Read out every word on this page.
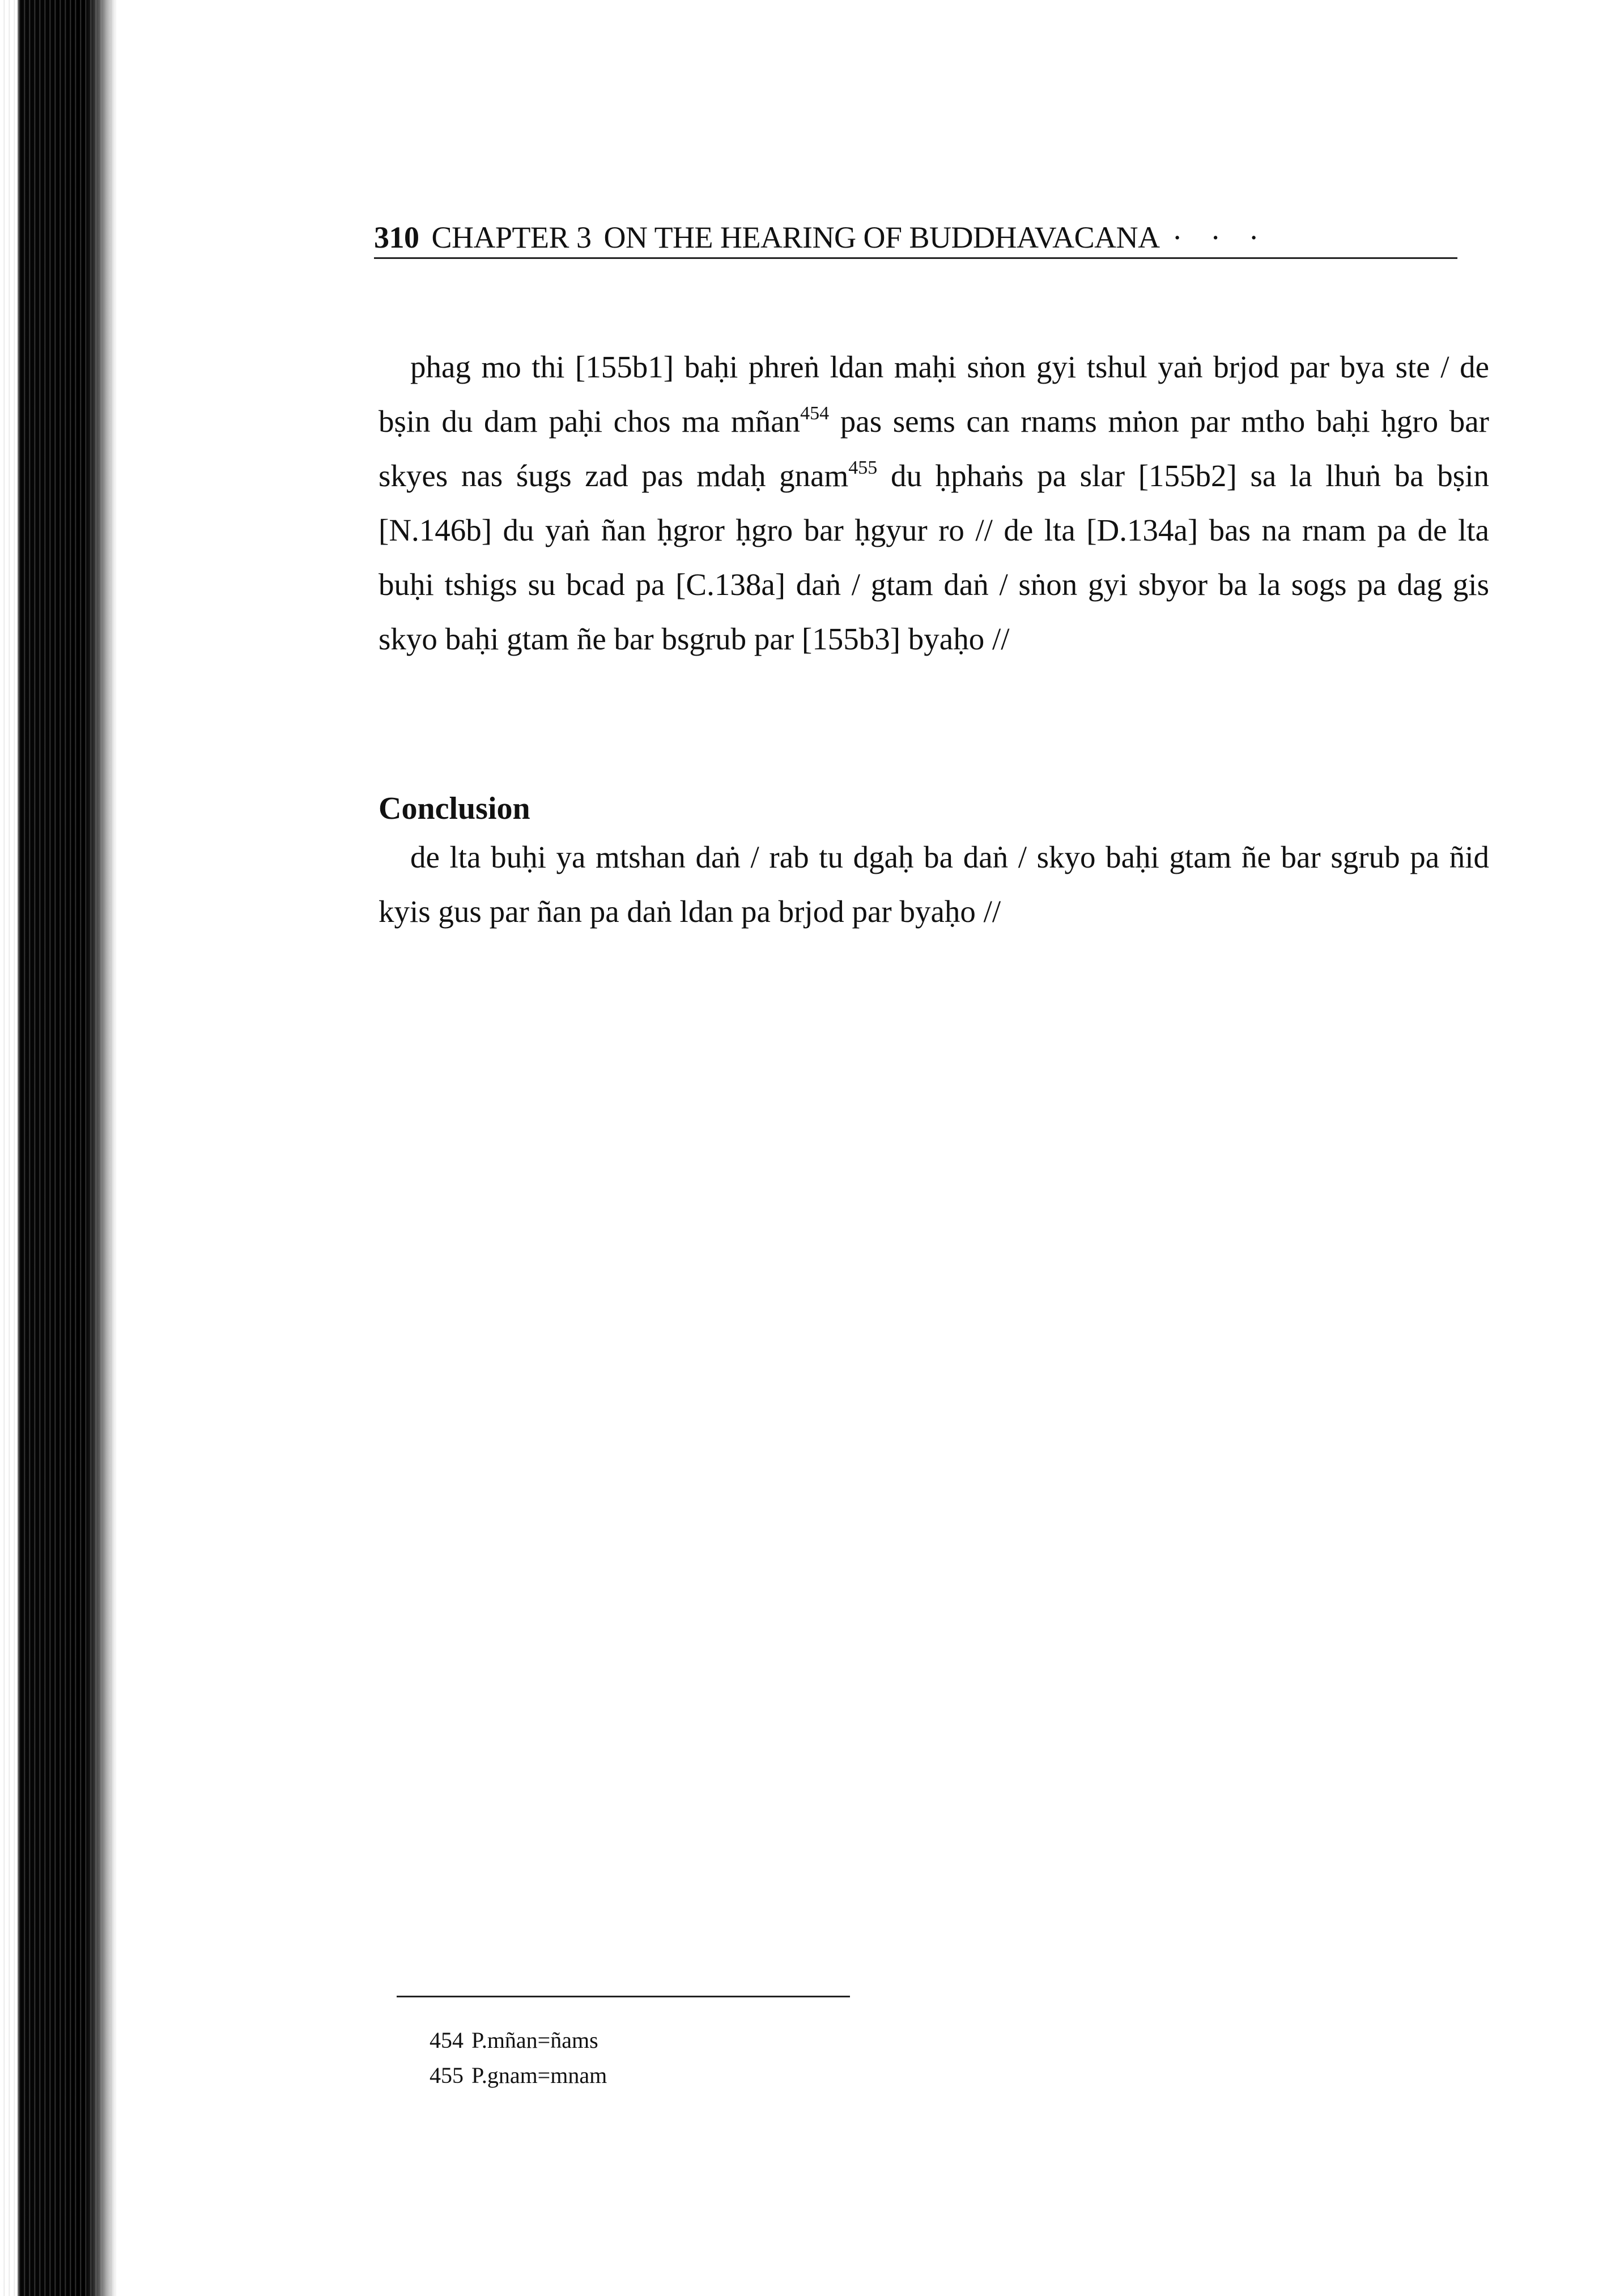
310 CHAPTER 3 ON THE HEARING OF BUDDHAVACANA · · ·

phag mo thi [155b1] baḥi phreṅ ldan maḥi sṅon gyi tshul yaṅ brjod par bya ste / de bṣin du dam paḥi chos ma mñan$^{454}$ pas sems can rnams mṅon par mtho baḥi ḥgro bar skyes nas śugs zad pas mdaḥ gnam$^{455}$ du ḥphaṅs pa slar [155b2] sa la lhuṅ ba bṣin [N.146b] du yaṅ ñan ḥgror ḥgro bar ḥgyur ro // de lta [D.134a] bas na rnam pa de lta buḥi tshigs su bcad pa [C.138a] daṅ / gtam daṅ / sṅon gyi sbyor ba la sogs pa dag gis skyo baḥi gtam ñe bar bsgrub par [155b3] byaḥo //

Conclusion

de lta buḥi ya mtshan daṅ / rab tu dgaḥ ba daṅ / skyo baḥi gtam ñe bar sgrub pa ñid kyis gus par ñan pa daṅ ldan pa brjod par byaḥo //

454 P.mñan=ñams
455 P.gnam=mnam
